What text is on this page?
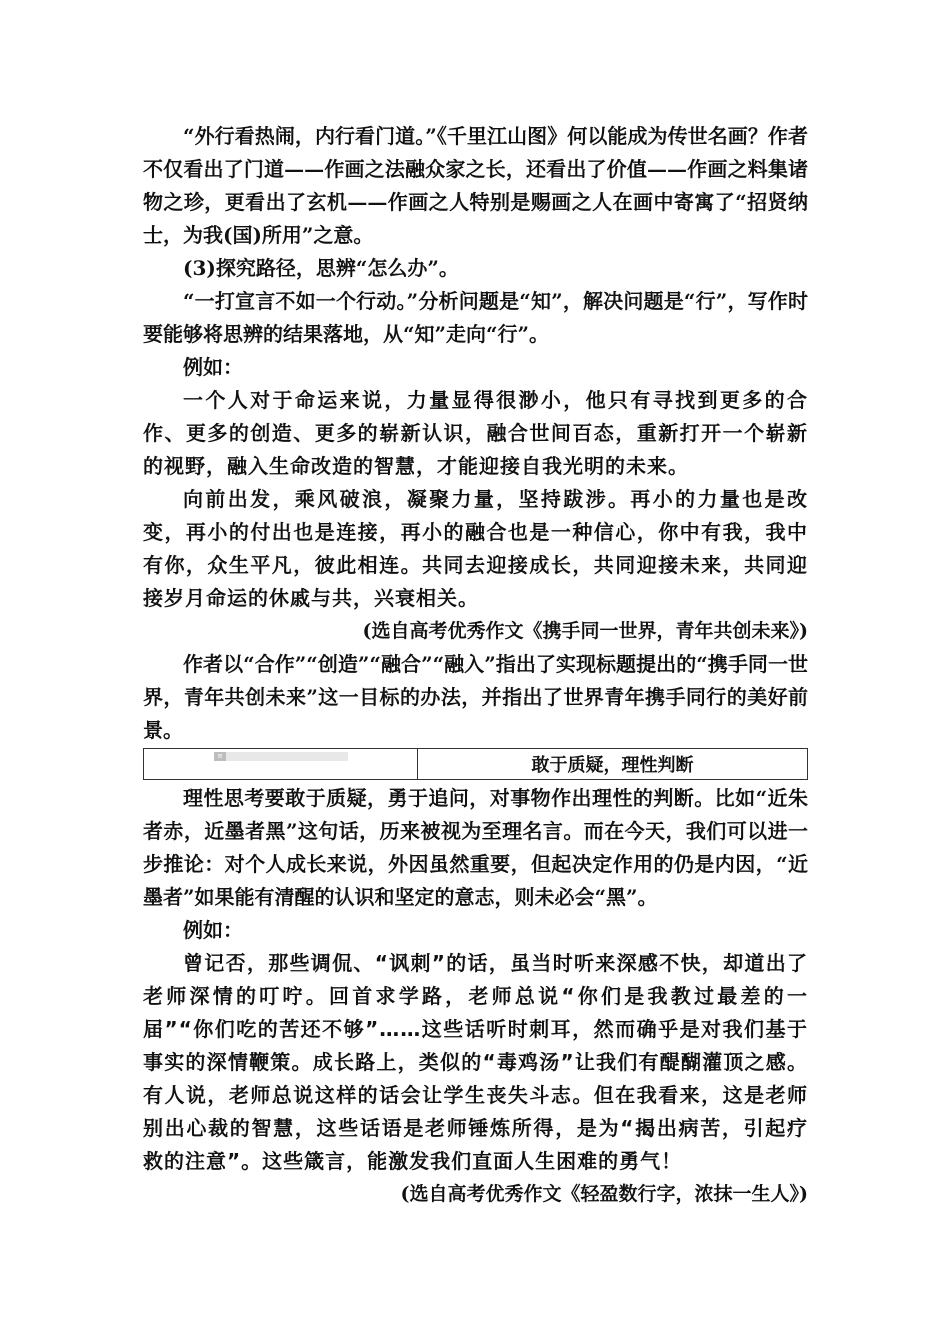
“外行看热闹，内行看门道。”《千里江山图》何以能成为传世名画？作者不仅看出了门道——作画之法融众家之长，还看出了价值——作画之料集诸物之珍，更看出了玄机——作画之人特别是赐画之人在画中寄寓了“招贤纳士，为我(国)所用”之意。

(3)探究路径，思辨“怎么办”。

“一打宣言不如一个行动。”分析问题是“知”，解决问题是“行”，写作时要能够将思辨的结果落地，从“知”走向“行”。

例如：

一个人对于命运来说，力量显得很渺小，他只有寻找到更多的合作、更多的创造、更多的崭新认识，融合世间百态，重新打开一个崭新的视野，融入生命改造的智慧，才能迎接自我光明的未来。

向前出发，乘风破浪，凝聚力量，坚持跋涉。再小的力量也是改变，再小的付出也是连接，再小的融合也是一种信心，你中有我，我中有你，众生平凡，彼此相连。共同去迎接成长，共同迎接未来，共同迎接岁月命运的休戚与共，兴衰相关。

(选自高考优秀作文《携手同一世界，青年共创未来》)

作者以“合作”“创造”“融合”“融入”指出了实现标题提出的“携手同一世界，青年共创未来”这一目标的办法，并指出了世界青年携手同行的美好前景。

≡	敢于质疑，理性判断

理性思考要敢于质疑，勇于追问，对事物作出理性的判断。比如“近朱者赤，近墨者黑”这句话，历来被视为至理名言。而在今天，我们可以进一步推论：对个人成长来说，外因虽然重要，但起决定作用的仍是内因，“近墨者”如果能有清醒的认识和坚定的意志，则未必会“黑”。

例如：

曾记否，那些调侃、“讽刺”的话，虽当时听来深感不快，却道出了老师深情的叮咛。回首求学路，老师总说“你们是我教过最差的一届”“你们吃的苦还不够”……这些话听时刺耳，然而确乎是对我们基于事实的深情鞭策。成长路上，类似的“毒鸡汤”让我们有醍醐灌顶之感。有人说，老师总说这样的话会让学生丧失斗志。但在我看来，这是老师别出心裁的智慧，这些话语是老师锤炼所得，是为“揭出病苦，引起疗救的注意”。这些箴言，能激发我们直面人生困难的勇气！

(选自高考优秀作文《轻盈数行字，浓抹一生人》)
